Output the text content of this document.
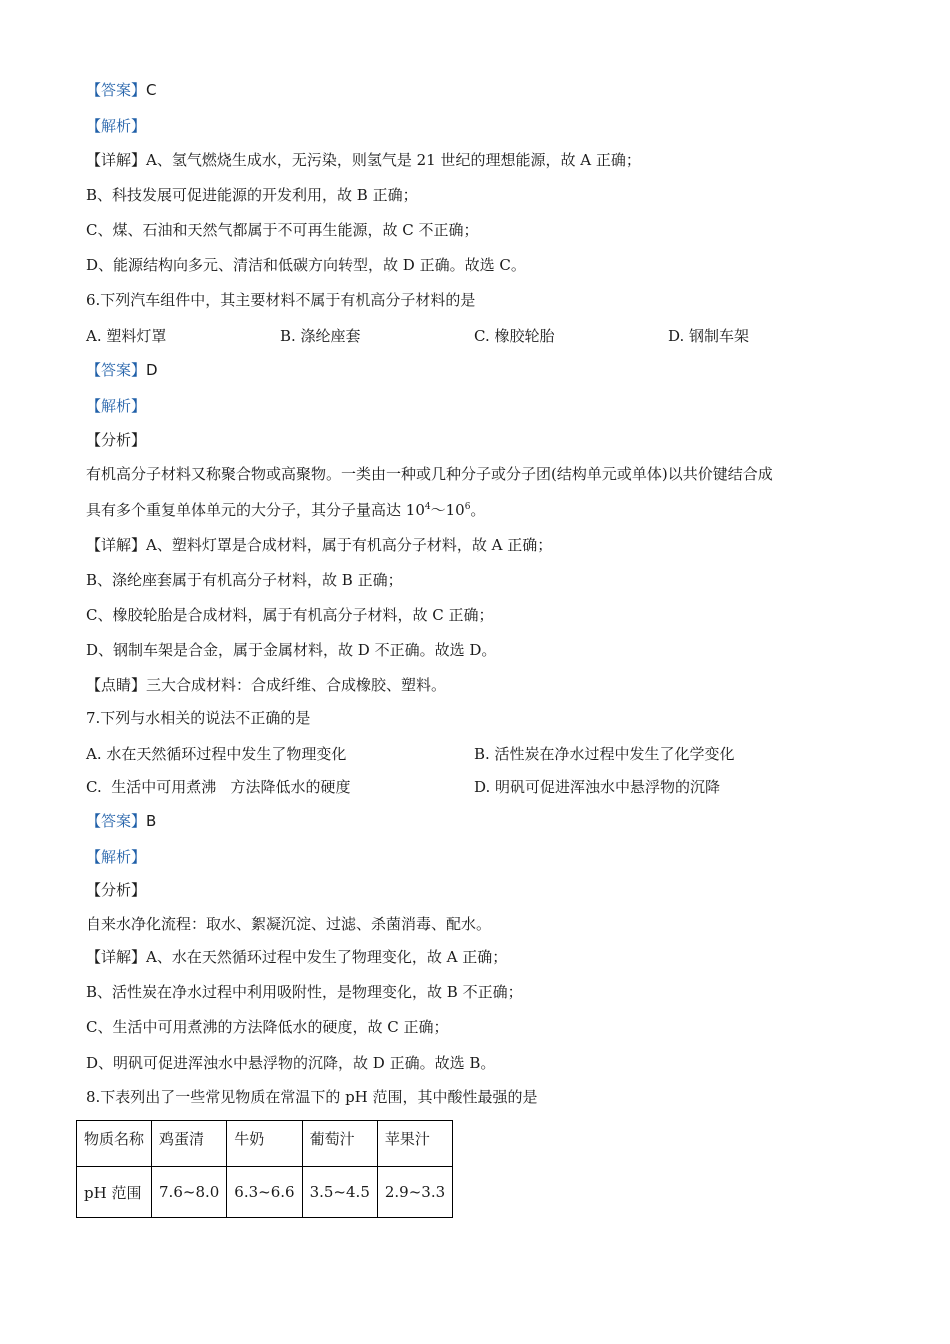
【答案】C
【解析】
【详解】A、氢气燃烧生成水，无污染，则氢气是 21 世纪的理想能源，故 A 正确；
B、科技发展可促进能源的开发利用，故 B 正确；
C、煤、石油和天然气都属于不可再生能源，故 C 不正确；
D、能源结构向多元、清洁和低碳方向转型，故 D 正确。故选 C。
6.下列汽车组件中，其主要材料不属于有机高分子材料的是
A. 塑料灯罩	B. 涤纶座套	C. 橡胶轮胎	D. 钢制车架
【答案】D
【解析】
【分析】
有机高分子材料又称聚合物或高聚物。一类由一种或几种分子或分子团(结构单元或单体)以共价键结合成
具有多个重复单体单元的大分子，其分子量高达 $10^4\sim 10^6$。
【详解】A、塑料灯罩是合成材料，属于有机高分子材料，故 A 正确；
B、涤纶座套属于有机高分子材料，故 B 正确；
C、橡胶轮胎是合成材料，属于有机高分子材料，故 C 正确；
D、钢制车架是合金，属于金属材料，故 D 不正确。故选 D。
【点睛】三大合成材料：合成纤维、合成橡胶、塑料。
7.下列与水相关的说法不正确的是
A. 水在天然循环过程中发生了物理变化	B. 活性炭在净水过程中发生了化学变化
C.  生活中可用煮沸   方法降低水的硬度	D. 明矾可促进浑浊水中悬浮物的沉降
【答案】B
【解析】
【分析】
自来水净化流程：取水、絮凝沉淀、过滤、杀菌消毒、配水。
【详解】A、水在天然循环过程中发生了物理变化，故 A 正确；
B、活性炭在净水过程中利用吸附性，是物理变化，故 B 不正确；
C、生活中可用煮沸的方法降低水的硬度，故 C 正确；
D、明矾可促进浑浊水中悬浮物的沉降，故 D 正确。故选 B。
8.下表列出了一些常见物质在常温下的 pH 范围，其中酸性最强的是
物质名称	鸡蛋清	牛奶	葡萄汁	苹果汁
pH 范围	7.6~8.0	6.3~6.6	3.5~4.5	2.9~3.3
